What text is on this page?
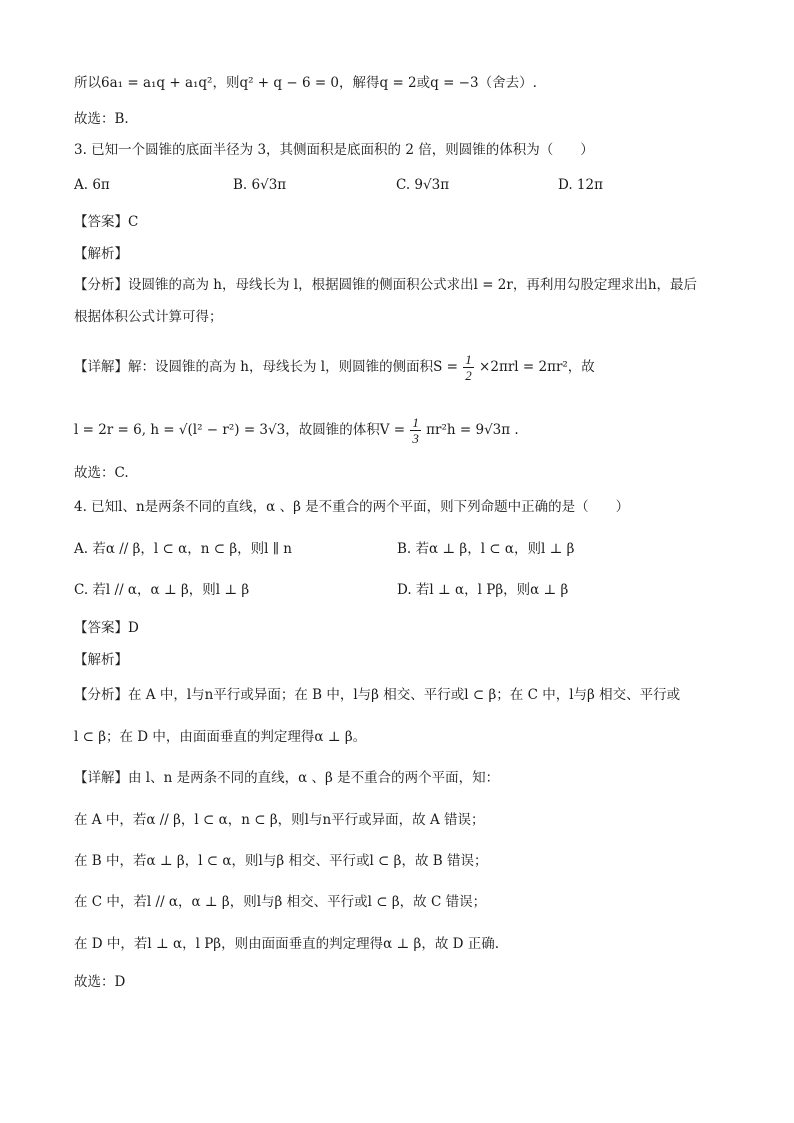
所以6a₁ = a₁q + a₁q²，则q² + q − 6 = 0，解得q = 2或q = −3（舍去）.
故选：B.
3. 已知一个圆锥的底面半径为 3，其侧面积是底面积的 2 倍，则圆锥的体积为（　　）
A. 6π	B. 6√3π	C. 9√3π	D. 12π
【答案】C
【解析】
【分析】设圆锥的高为 h，母线长为 l，根据圆锥的侧面积公式求出l = 2r，再利用勾股定理求出h，最后
根据体积公式计算可得；
【详解】解：设圆锥的高为 h，母线长为 l，则圆锥的侧面积$S = \frac{1}{2} \times 2\pi rl = 2\pi r^2$，故
l = 2r = 6, h = √(l² − r²) = 3√3，故圆锥的体积$V = \frac{1}{3} \pi r^2h = 9√3\pi$ .
故选：C.
4. 已知l、n是两条不同的直线，α 、β 是不重合的两个平面，则下列命题中正确的是（　　）
A. 若α // β，l ⊂ α，n ⊂ β，则l ∥ n	B. 若α ⊥ β，l ⊂ α，则l ⊥ β
C. 若l // α，α ⊥ β，则l ⊥ β	D. 若l ⊥ α，l Pβ，则α ⊥ β
【答案】D
【解析】
【分析】在 A 中，l与n平行或异面；在 B 中，l与β 相交、平行或l ⊂ β；在 C 中，l与β 相交、平行或
l ⊂ β；在 D 中，由面面垂直的判定理得α ⊥ β。
【详解】由 l、n 是两条不同的直线，α 、β 是不重合的两个平面，知：
在 A 中，若α // β，l ⊂ α，n ⊂ β，则l与n平行或异面，故 A 错误；
在 B 中，若α ⊥ β，l ⊂ α，则l与β 相交、平行或l ⊂ β，故 B 错误；
在 C 中，若l // α，α ⊥ β，则l与β 相交、平行或l ⊂ β，故 C 错误；
在 D 中，若l ⊥ α，l Pβ，则由面面垂直的判定理得α ⊥ β，故 D 正确.
故选：D
